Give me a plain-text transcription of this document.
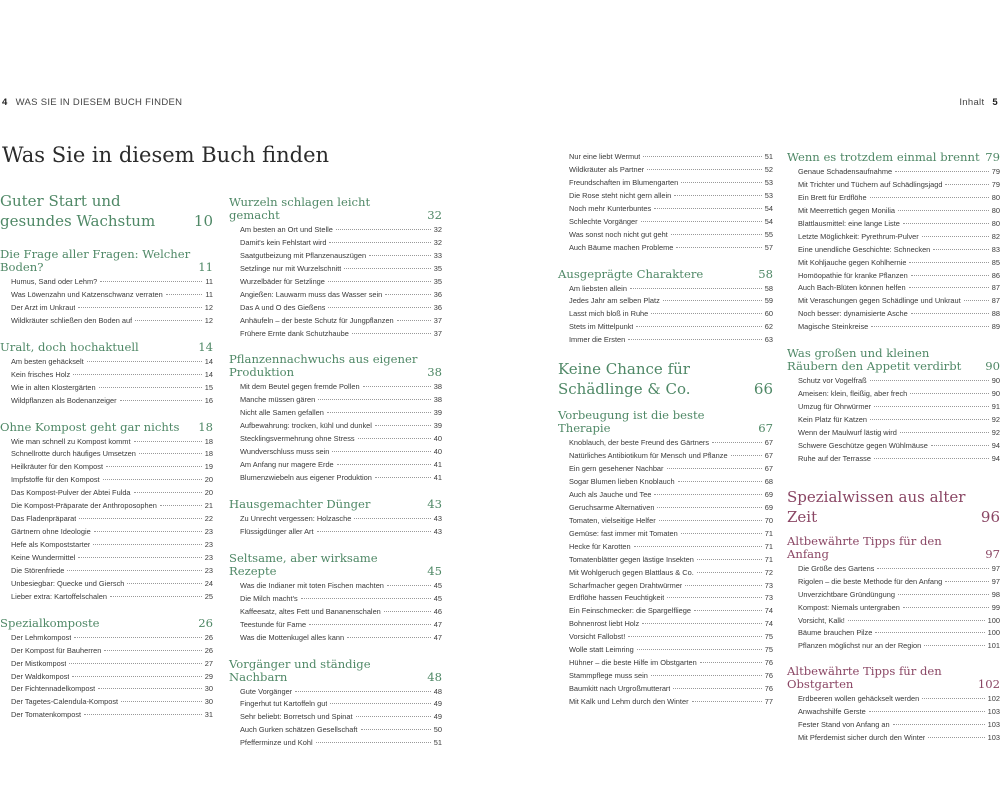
4 WAS SIE IN DIESEM BUCH FINDEN	Inhalt 5
Was Sie in diesem Buch finden
Guter Start und gesundes Wachstum	10
Die Frage aller Fragen: Welcher Boden?	11
Humus, Sand oder Lehm?	11
Was Löwenzahn und Katzenschwanz verraten	11
Der Arzt im Unkraut	12
Wildkräuter schließen den Boden auf	12
Uralt, doch hochaktuell	14
Am besten gehäckselt	14
Kein frisches Holz	14
Wie in alten Klostergärten	15
Wildpflanzen als Bodenanzeiger	16
Ohne Kompost geht gar nichts	18
Wie man schnell zu Kompost kommt	18
Schnellrotte durch häufiges Umsetzen	18
Heilkräuter für den Kompost	19
Impfstoffe für den Kompost	20
Das Kompost-Pulver der Abtei Fulda	20
Die Kompost-Präparate der Anthroposophen	21
Das Fladenpräparat	22
Gärtnern ohne Ideologie	23
Hefe als Kompoststarter	23
Keine Wundermittel	23
Die Störenfriede	23
Unbesiegbar: Quecke und Giersch	24
Lieber extra: Kartoffelschalen	25
Spezialkomposte	26
Der Lehmkompost	26
Der Kompost für Bauherren	26
Der Mistkompost	27
Der Waldkompost	29
Der Fichtennadelkompost	30
Der Tagetes-Calendula-Kompost	30
Der Tomatenkompost	31
Wurzeln schlagen leicht gemacht	32
Am besten an Ort und Stelle	32
Damit's kein Fehlstart wird	32
Saatgutbeizung mit Pflanzenauszügen	33
Setzlinge nur mit Wurzelschnitt	35
Wurzelbäder für Setzlinge	35
Angießen: Lauwarm muss das Wasser sein	36
Das A und O des Gießens	36
Anhäufeln – der beste Schutz für Jungpflanzen	37
Frühere Ernte dank Schutzhaube	37
Pflanzennachwuchs aus eigener Produktion	38
Mit dem Beutel gegen fremde Pollen	38
Manche müssen gären	38
Nicht alle Samen gefallen	39
Aufbewahrung: trocken, kühl und dunkel	39
Stecklingsvermehrung ohne Stress	40
Wundverschluss muss sein	40
Am Anfang nur magere Erde	41
Blumenzwiebeln aus eigener Produktion	41
Hausgemachter Dünger	43
Zu Unrecht vergessen: Holzasche	43
Flüssigdünger aller Art	43
Seltsame, aber wirksame Rezepte	45
Was die Indianer mit toten Fischen machten	45
Die Milch macht's	45
Kaffeesatz, altes Fett und Bananenschalen	46
Teestunde für Farne	47
Was die Mottenkugel alles kann	47
Vorgänger und ständige Nachbarn	48
Gute Vorgänger	48
Fingerhut tut Kartoffeln gut	49
Sehr beliebt: Borretsch und Spinat	49
Auch Gurken schätzen Gesellschaft	50
Pfefferminze und Kohl	51
Nur eine liebt Wermut	51
Wildkräuter als Partner	52
Freundschaften im Blumengarten	53
Die Rose steht nicht gern allein	53
Noch mehr Kunterbuntes	54
Schlechte Vorgänger	54
Was sonst noch nicht gut geht	55
Auch Bäume machen Probleme	57
Ausgeprägte Charaktere	58
Am liebsten allein	58
Jedes Jahr am selben Platz	59
Lasst mich bloß in Ruhe	60
Stets im Mittelpunkt	62
Immer die Ersten	63
Keine Chance für Schädlinge & Co.	66
Vorbeugung ist die beste Therapie	67
Knoblauch, der beste Freund des Gärtners	67
Natürliches Antibiotikum für Mensch und Pflanze	67
Ein gern gesehener Nachbar	67
Sogar Blumen lieben Knoblauch	68
Auch als Jauche und Tee	69
Geruchsarme Alternativen	69
Tomaten, vielseitige Helfer	70
Gemüse: fast immer mit Tomaten	71
Hecke für Karotten	71
Tomatenblätter gegen lästige Insekten	71
Mit Wohlgeruch gegen Blattlaus & Co.	72
Scharfmacher gegen Drahtwürmer	73
Erdflöhe hassen Feuchtigkeit	73
Ein Feinschmecker: die Spargelfliege	74
Bohnenrost liebt Holz	74
Vorsicht Fallobst!	75
Wolle statt Leimring	75
Hühner – die beste Hilfe im Obstgarten	76
Stammpflege muss sein	76
Baumkitt nach Urgroßmutterart	76
Mit Kalk und Lehm durch den Winter	77
Wenn es trotzdem einmal brennt 79
Genaue Schadensaufnahme	79
Mit Trichter und Tüchern auf Schädlingsjagd	79
Ein Brett für Erdflöhe	80
Mit Meerrettich gegen Monilia	80
Blattlausmittel: eine lange Liste	80
Letzte Möglichkeit: Pyrethrum-Pulver	82
Eine unendliche Geschichte: Schnecken	83
Mit Kohljauche gegen Kohlhernie	85
Homöopathie für kranke Pflanzen	86
Auch Bach-Blüten können helfen	87
Mit Veraschungen gegen Schädlinge und Unkraut	87
Noch besser: dynamisierte Asche	88
Magische Steinkreise	89
Was großen und kleinen Räubern den Appetit verdirbt	90
Schutz vor Vogelfraß	90
Ameisen: klein, fleißig, aber frech	90
Umzug für Ohrwürmer	91
Kein Platz für Katzen	92
Wenn der Maulwurf lästig wird	92
Schwere Geschütze gegen Wühlmäuse	94
Ruhe auf der Terrasse	94
Spezialwissen aus alter Zeit	96
Altbewährte Tipps für den Anfang	97
Die Größe des Gartens	97
Rigolen – die beste Methode für den Anfang	97
Unverzichtbare Gründüngung	98
Kompost: Niemals untergraben	99
Vorsicht, Kalk!	100
Bäume brauchen Pilze	100
Pflanzen möglichst nur an der Region	101
Altbewährte Tipps für den Obstgarten	102
Erdbeeren wollen gehäckselt werden	102
Anwachshilfe Gerste	103
Fester Stand von Anfang an	103
Mit Pferdemist sicher durch den Winter	103
